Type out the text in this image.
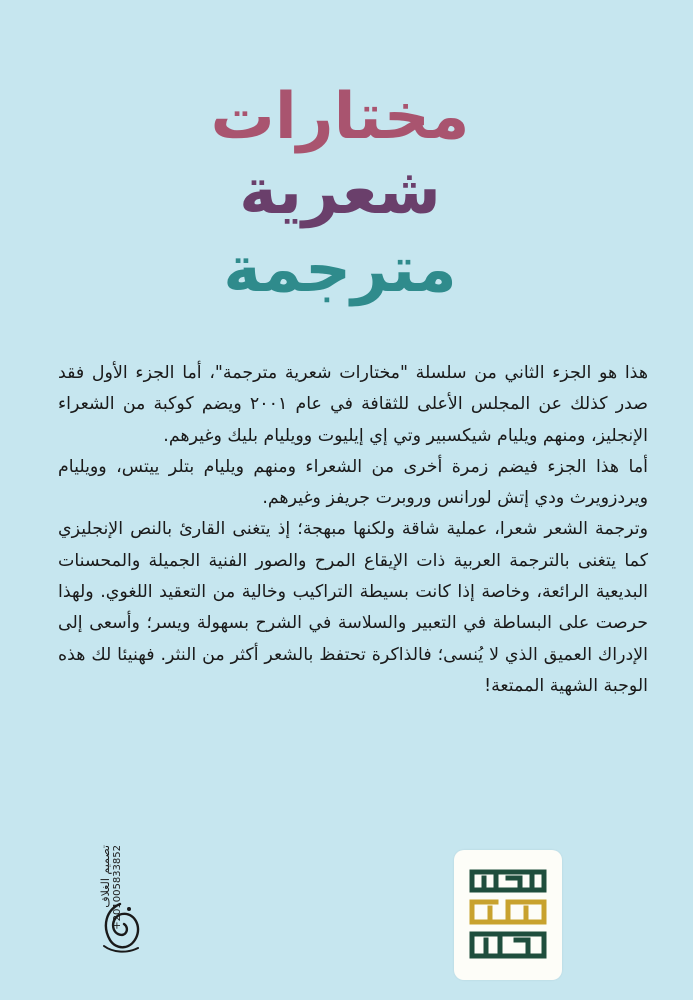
مختارات
شعرية
مترجمة

هذا هو الجزء الثاني من سلسلة "مختارات شعرية مترجمة"، أما الجزء الأول فقد صدر كذلك عن المجلس الأعلى للثقافة في عام ٢٠٠١ ويضم كوكبة من الشعراء الإنجليز، ومنهم ويليام شيكسبير وتي إي إيليوت وويليام بليك وغيرهم.

أما هذا الجزء فيضم زمرة أخرى من الشعراء ومنهم ويليام بتلر ييتس، وويليام ويردزويرث ودي إتش لورانس وروبرت جريفز وغيرهم.

وترجمة الشعر شعرا، عملية شاقة ولكنها مبهجة؛ إذ يتغنى القارئ بالنص الإنجليزي كما يتغنى بالترجمة العربية ذات الإيقاع المرح والصور الفنية الجميلة والمحسنات البديعية الرائعة، وخاصة إذا كانت بسيطة التراكيب وخالية من التعقيد اللغوي. ولهذا حرصت على البساطة في التعبير والسلاسة في الشرح بسهولة ويسر؛ وأسعى إلى الإدراك العميق الذي لا يُنسى؛ فالذاكرة تحتفظ بالشعر أكثر من النثر. فهنيئا لك هذه الوجبة الشهية الممتعة!

تصميم الغلاف +201005833852
